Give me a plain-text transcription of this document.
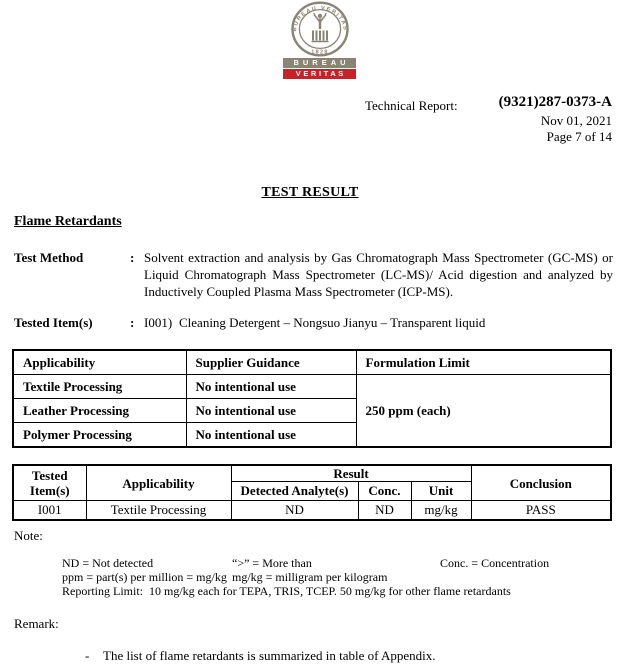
BUREAU VERITAS
1828
BUREAU
VERITAS
Technical Report:	(9321)287-0373-A
Nov 01, 2021
Page 7 of 14
TEST RESULT
Flame Retardants
Test Method	: Solvent extraction and analysis by Gas Chromatograph Mass Spectrometer (GC-MS) or Liquid Chromatograph Mass Spectrometer (LC-MS)/ Acid digestion and analyzed by Inductively Coupled Plasma Mass Spectrometer (ICP-MS).
Tested Item(s)	: I001) Cleaning Detergent – Nongsuo Jianyu – Transparent liquid
Applicability	Supplier Guidance	Formulation Limit
Textile Processing	No intentional use	250 ppm (each)
Leather Processing	No intentional use	
Polymer Processing	No intentional use	
Tested Item(s)	Applicability	Result			Conclusion
		Detected Analyte(s)	Conc.	Unit	
I001	Textile Processing	ND	ND	mg/kg	PASS
Note:
ND = Not detected	“>” = More than	Conc. = Concentration
ppm = part(s) per million = mg/kg mg/kg = milligram per kilogram
Reporting Limit:  10 mg/kg each for TEPA, TRIS, TCEP. 50 mg/kg for other flame retardants
Remark:
- The list of flame retardants is summarized in table of Appendix.
